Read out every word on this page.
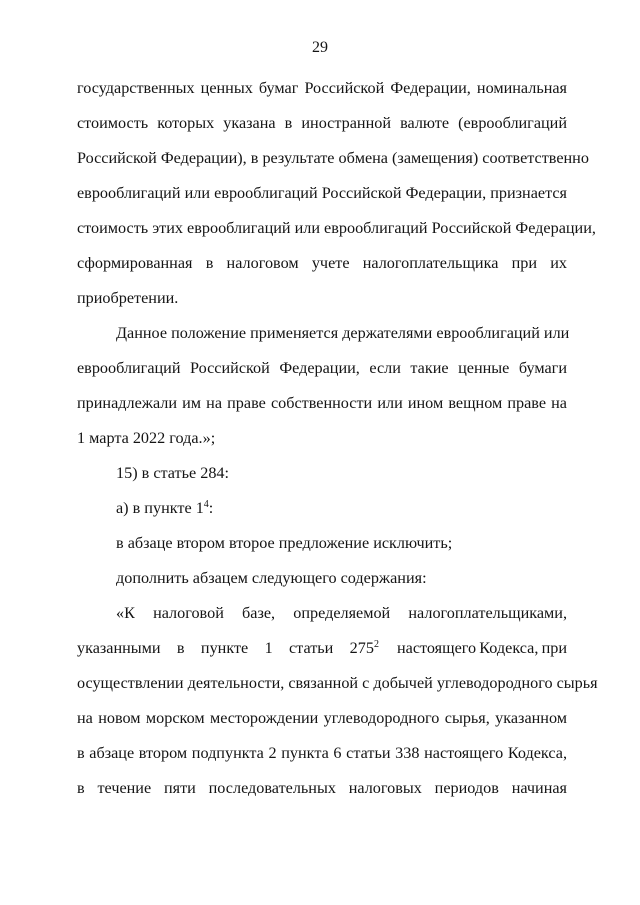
29
государственных ценных бумаг Российской Федерации, номинальная
стоимость которых указана в иностранной валюте (еврооблигаций
Российской Федерации), в результате обмена (замещения) соответственно
еврооблигаций или еврооблигаций Российской Федерации, признается
стоимость этих еврооблигаций или еврооблигаций Российской Федерации,
сформированная в налоговом учете налогоплательщика при их
приобретении.
Данное положение применяется держателями еврооблигаций или
еврооблигаций Российской Федерации, если такие ценные бумаги
принадлежали им на праве собственности или ином вещном праве на
1 марта 2022 года.»;
15) в статье 284:
а) в пункте $1^4$:
в абзаце втором второе предложение исключить;
дополнить абзацем следующего содержания:
«К налоговой базе, определяемой налогоплательщиками,
указанными в пункте 1 статьи $275^2$ настоящего Кодекса, при
осуществлении деятельности, связанной с добычей углеводородного сырья
на новом морском месторождении углеводородного сырья, указанном
в абзаце втором подпункта 2 пункта 6 статьи 338 настоящего Кодекса,
в течение пяти последовательных налоговых периодов начиная
